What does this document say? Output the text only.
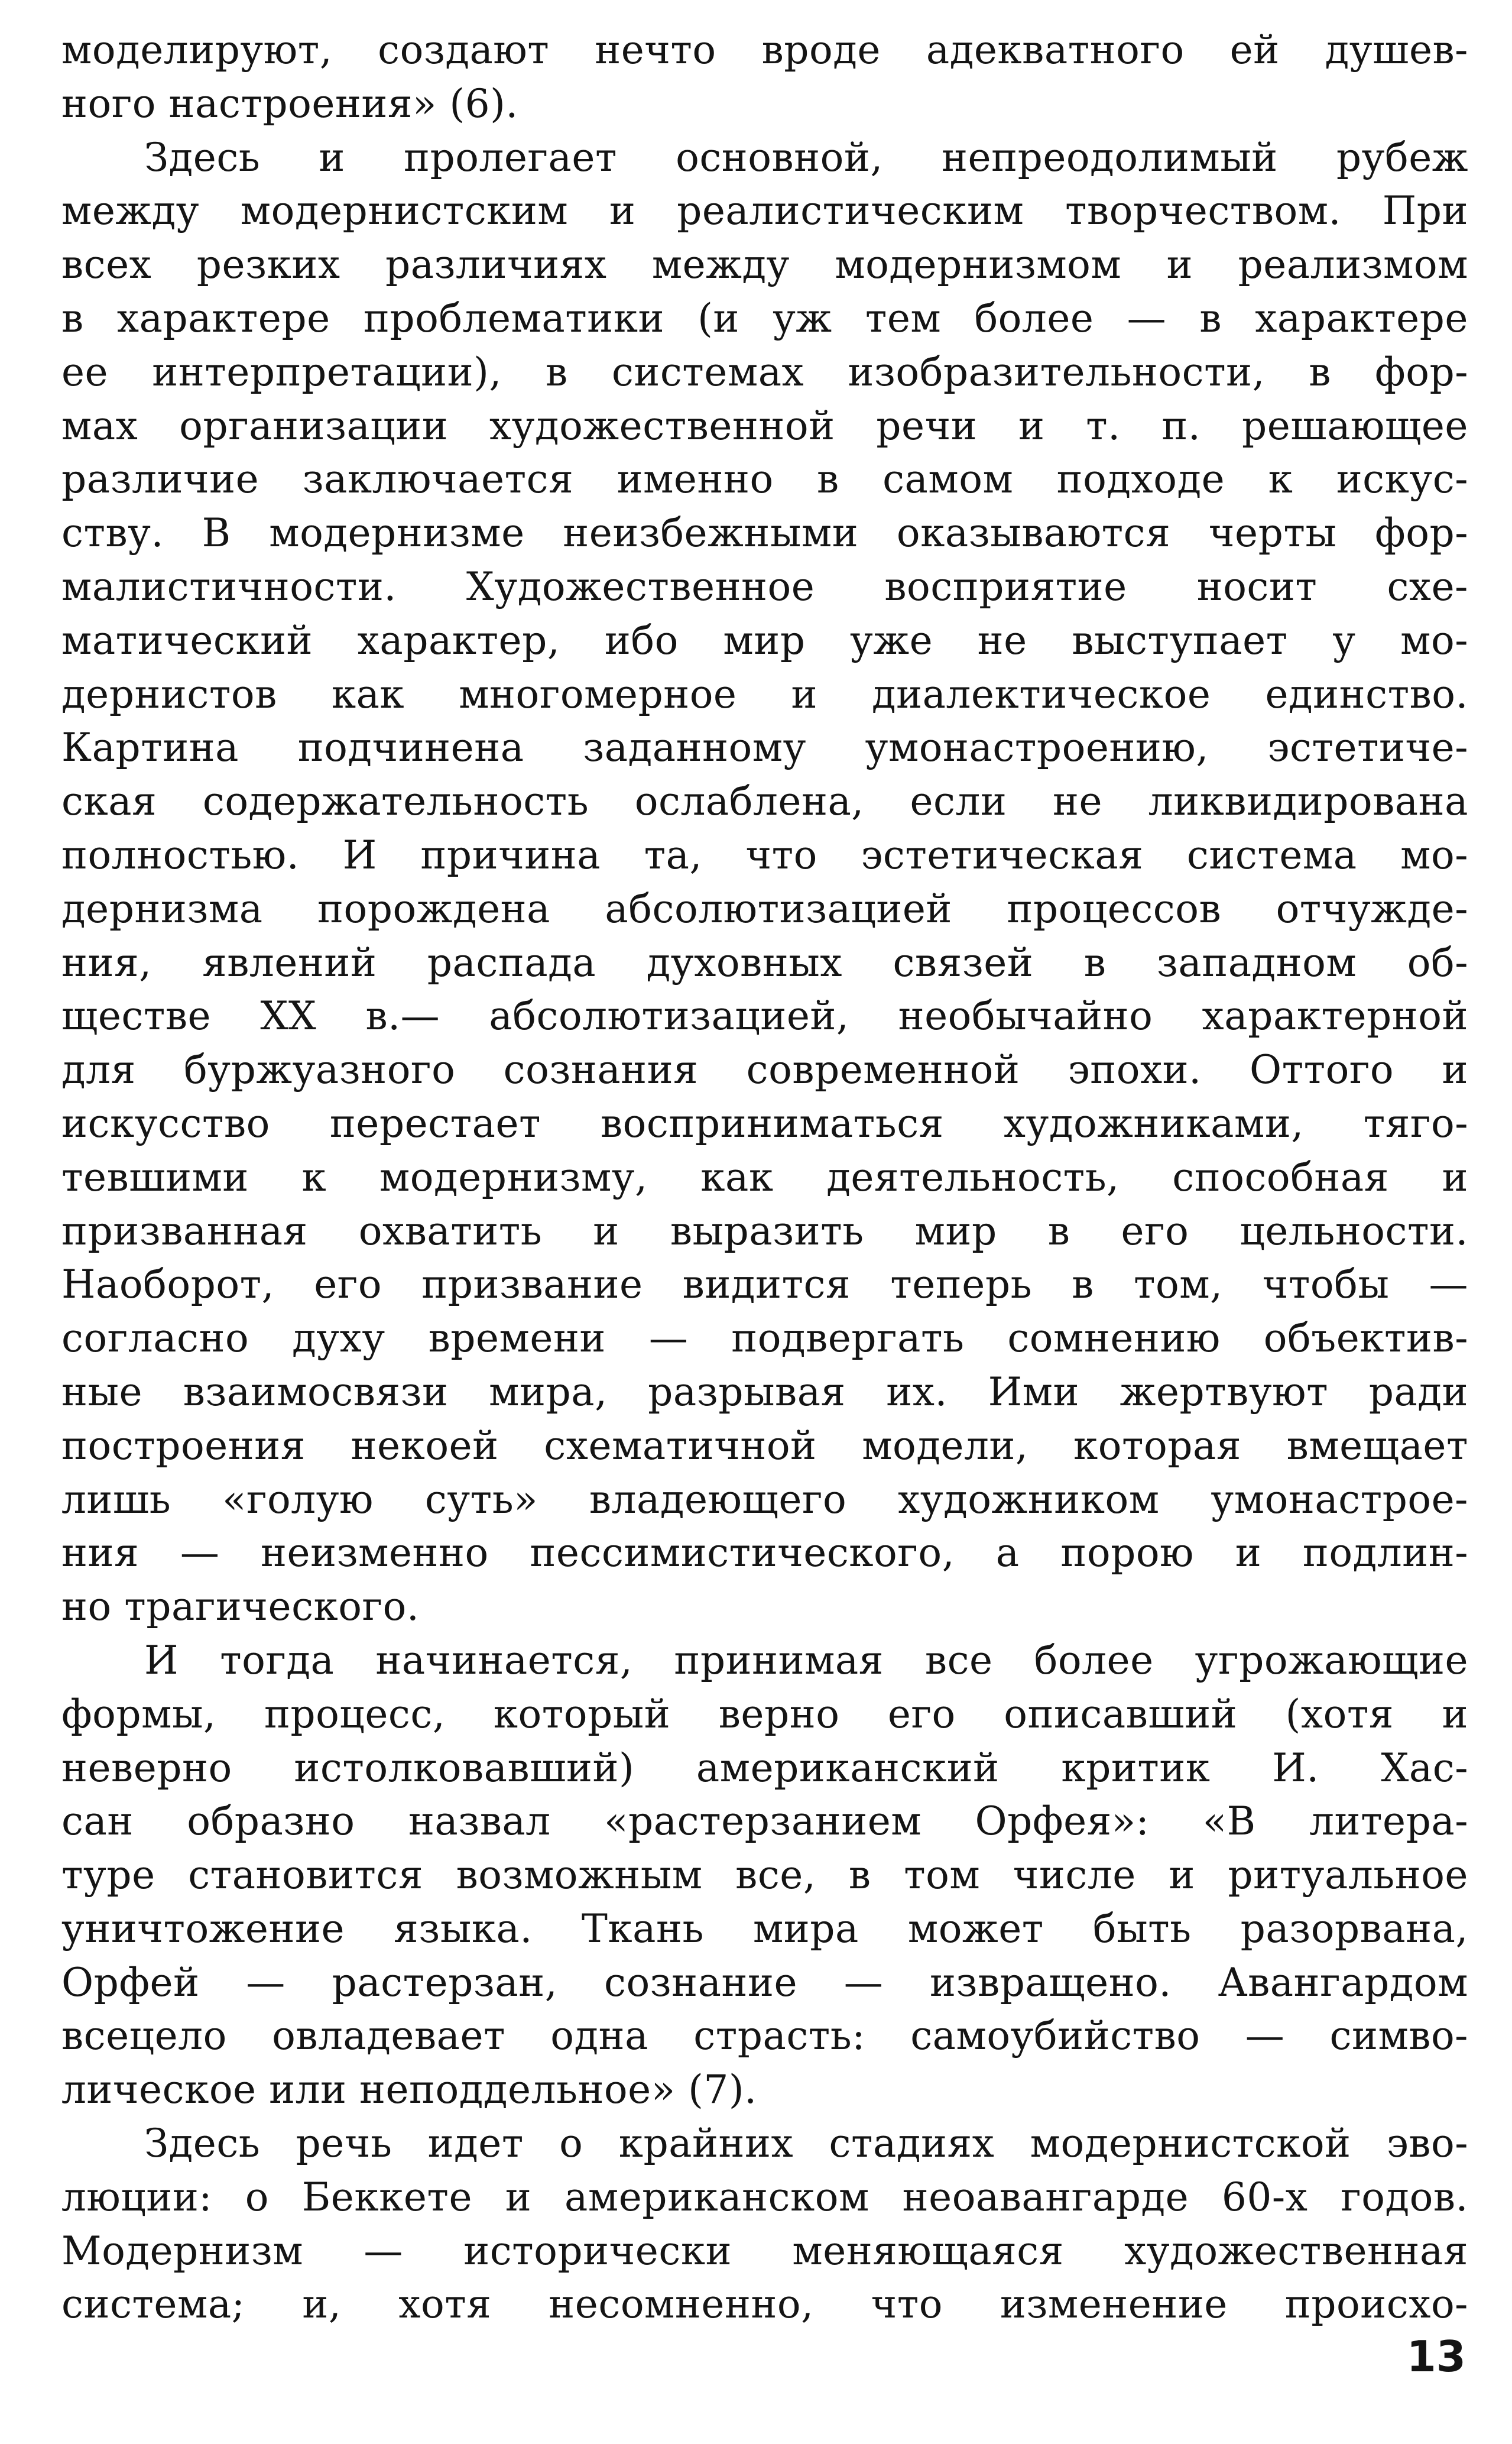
моделируют, создают нечто вроде адекватного ей душев-
ного настроения» (6).
Здесь и пролегает основной, непреодолимый рубеж
между модернистским и реалистическим творчеством. При
всех резких различиях между модернизмом и реализмом
в характере проблематики (и уж тем более — в характере
ее интерпретации), в системах изобразительности, в фор-
мах организации художественной речи и т. п. решающее
различие заключается именно в самом подходе к искус-
ству. В модернизме неизбежными оказываются черты фор-
малистичности. Художественное восприятие носит схе-
матический характер, ибо мир уже не выступает у мо-
дернистов как многомерное и диалектическое единство.
Картина подчинена заданному умонастроению, эстетиче-
ская содержательность ослаблена, если не ликвидирована
полностью. И причина та, что эстетическая система мо-
дернизма порождена абсолютизацией процессов отчужде-
ния, явлений распада духовных связей в западном об-
ществе XX в.— абсолютизацией, необычайно характерной
для буржуазного сознания современной эпохи. Оттого и
искусство перестает восприниматься художниками, тяго-
тевшими к модернизму, как деятельность, способная и
призванная охватить и выразить мир в его цельности.
Наоборот, его призвание видится теперь в том, чтобы —
согласно духу времени — подвергать сомнению объектив-
ные взаимосвязи мира, разрывая их. Ими жертвуют ради
построения некоей схематичной модели, которая вмещает
лишь «голую суть» владеющего художником умонастрое-
ния — неизменно пессимистического, а порою и подлин-
но трагического.
И тогда начинается, принимая все более угрожающие
формы, процесс, который верно его описавший (хотя и
неверно истолковавший) американский критик И. Хас-
сан образно назвал «растерзанием Орфея»: «В литера-
туре становится возможным все, в том числе и ритуальное
уничтожение языка. Ткань мира может быть разорвана,
Орфей — растерзан, сознание — извращено. Авангардом
всецело овладевает одна страсть: самоубийство — симво-
лическое или неподдельное» (7).
Здесь речь идет о крайних стадиях модернистской эво-
люции: о Беккете и американском неоавангарде 60-х годов.
Модернизм — исторически меняющаяся художественная
система; и, хотя несомненно, что изменение происхо-
13
